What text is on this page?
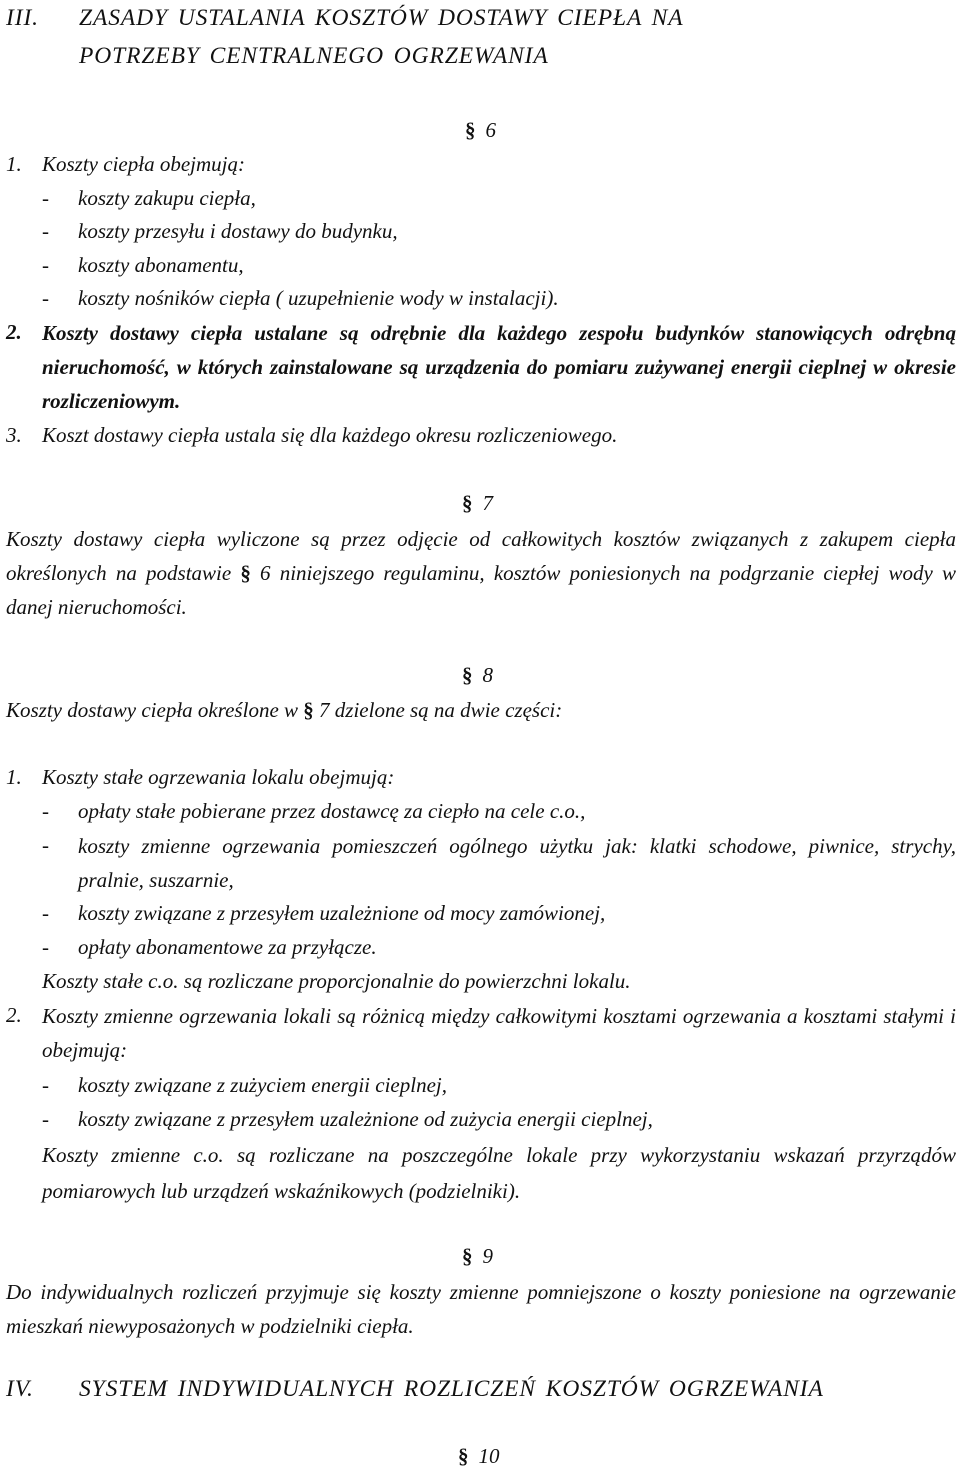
III. ZASADY USTALANIA KOSZTÓW DOSTAWY CIEPŁA NA
POTRZEBY CENTRALNEGO OGRZEWANIA
§ 6
1. Koszty ciepła obejmują:
- koszty zakupu ciepła,
- koszty przesyłu i dostawy do budynku,
- koszty abonamentu,
- koszty nośników ciepła ( uzupełnienie wody w instalacji).
2. Koszty dostawy ciepła ustalane są odrębnie dla każdego zespołu budynków stanowiących odrębną nieruchomość, w których zainstalowane są urządzenia do pomiaru zużywanej energii cieplnej w okresie rozliczeniowym.
3. Koszt dostawy ciepła ustala się dla każdego okresu rozliczeniowego.
§ 7
Koszty dostawy ciepła wyliczone są przez odjęcie od całkowitych kosztów związanych z zakupem ciepła określonych na podstawie § 6 niniejszego regulaminu, kosztów poniesionych na podgrzanie ciepłej wody w danej nieruchomości.
§ 8
Koszty dostawy ciepła określone w § 7 dzielone są na dwie części:
1. Koszty stałe ogrzewania lokalu obejmują:
- opłaty stałe pobierane przez dostawcę za ciepło na cele c.o.,
- koszty zmienne ogrzewania pomieszczeń ogólnego użytku jak: klatki schodowe, piwnice, strychy, pralnie, suszarnie,
- koszty związane z przesyłem uzależnione od mocy zamówionej,
- opłaty abonamentowe za przyłącze.
Koszty stałe c.o. są rozliczane proporcjonalnie do powierzchni lokalu.
2. Koszty zmienne ogrzewania lokali są różnicą między całkowitymi kosztami ogrzewania a kosztami stałymi i obejmują:
- koszty związane z zużyciem energii cieplnej,
- koszty związane z przesyłem uzależnione od zużycia energii cieplnej,
Koszty zmienne c.o. są rozliczane na poszczególne lokale przy wykorzystaniu wskazań przyrządów pomiarowych lub urządzeń wskaźnikowych (podzielniki).
§ 9
Do indywidualnych rozliczeń przyjmuje się koszty zmienne pomniejszone o koszty poniesione na ogrzewanie mieszkań niewyposażonych w podzielniki ciepła.
IV. SYSTEM INDYWIDUALNYCH ROZLICZEŃ KOSZTÓW OGRZEWANIA
§ 10
